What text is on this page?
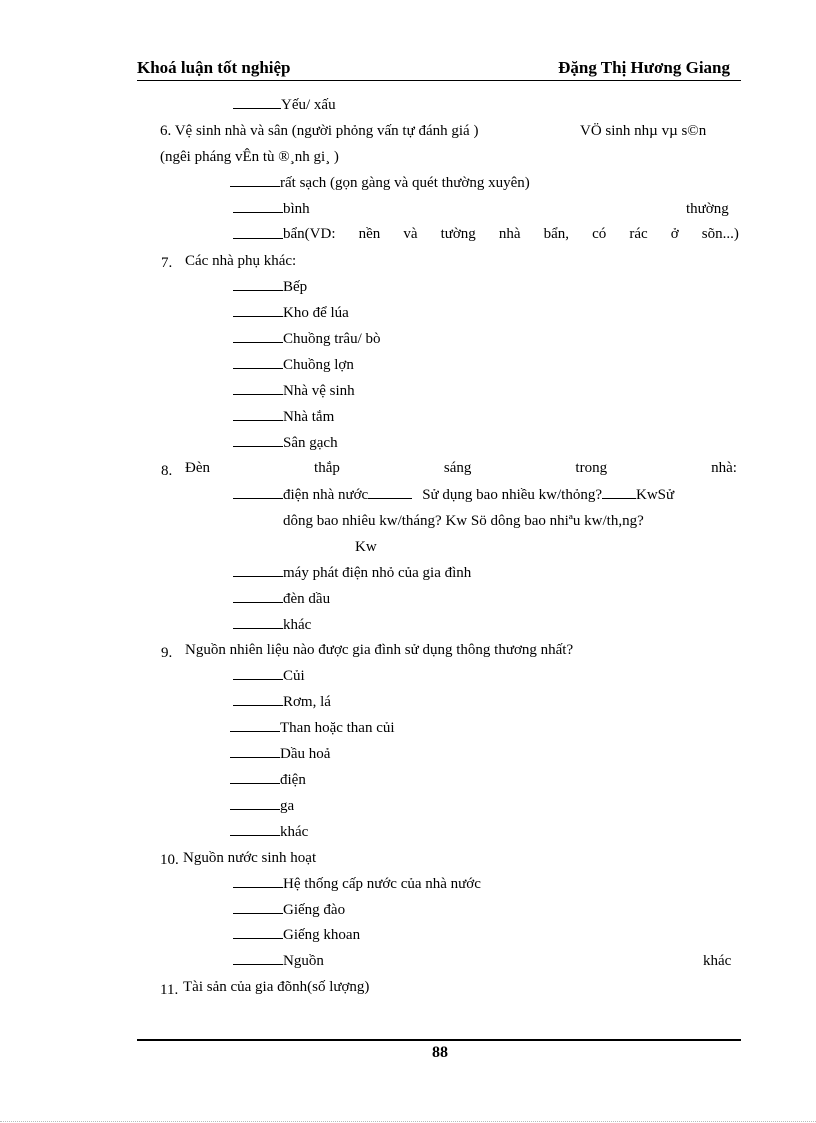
Khoá luận tốt nghiệp	Đặng Thị Hương Giang
Yếu/ xấu
6. Vệ sinh nhà và sân (người phỏng vấn tự đánh giá )	VÖ sinh nhµ vµ s©n
(ngêi pháng vÊn tù ®¸nh gi¸ )
rất sạch (gọn gàng và quét thường xuyên)
bình	thường
bẩn(VD: nền và tường nhà bẩn, có rác ở sõn...)
7. Các nhà phụ khác:
Bếp
Kho để lúa
Chuồng trâu/ bò
Chuồng lợn
Nhà vệ sinh
Nhà tắm
Sân gạch
8. Đèn	thắp	sáng	trong	nhà:
điện nhà nước	Sử dụng bao nhiều kw/thỏng? KwSử
dông bao nhiêu kw/tháng? Kw Sö dông bao nhiªu kw/th,ng?
Kw
máy phát điện nhỏ của gia đình
đèn dầu
khác
9. Nguồn nhiên liệu nào được gia đình sử dụng thông thương nhất?
Củi
Rơm, lá
Than hoặc than củi
Dầu hoả
điện
ga
khác
10. Nguồn nước sinh hoạt
Hệ thống cấp nước của nhà nước
Giếng đào
Giếng khoan
Nguồn	khác
11. Tài sản của gia đõnh(số lượng)
88
